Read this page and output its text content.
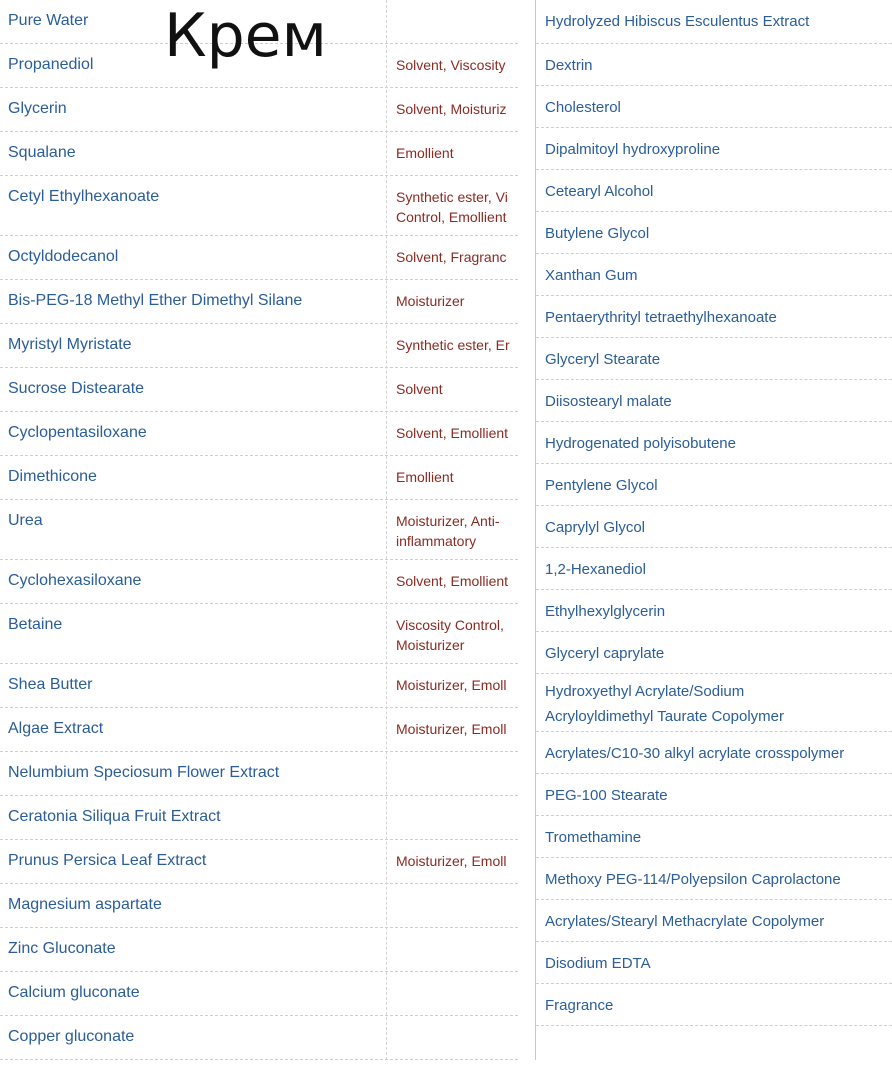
Pure Water
Propanediol	Solvent, Viscosity
Glycerin	Solvent, Moisturiz
Squalane	Emollient
Cetyl Ethylhexanoate	Synthetic ester, Vi Control, Emollient
Octyldodecanol	Solvent, Fragranc
Bis-PEG-18 Methyl Ether Dimethyl Silane	Moisturizer
Myristyl Myristate	Synthetic ester, Er
Sucrose Distearate	Solvent
Cyclopentasiloxane	Solvent, Emollient
Dimethicone	Emollient
Urea	Moisturizer, Anti-inflammatory
Cyclohexasiloxane	Solvent, Emollient
Betaine	Viscosity Control, Moisturizer
Shea Butter	Moisturizer, Emoll
Algae Extract	Moisturizer, Emoll
Nelumbium Speciosum Flower Extract
Ceratonia Siliqua Fruit Extract
Prunus Persica Leaf Extract	Moisturizer, Emoll
Magnesium aspartate
Zinc Gluconate
Calcium gluconate
Copper gluconate
Hydrolyzed Hibiscus Esculentus Extract
Dextrin
Cholesterol
Dipalmitoyl hydroxyproline
Cetearyl Alcohol
Butylene Glycol
Xanthan Gum
Pentaerythrityl tetraethylhexanoate
Glyceryl Stearate
Diisostearyl malate
Hydrogenated polyisobutene
Pentylene Glycol
Caprylyl Glycol
1,2-Hexanediol
Ethylhexylglycerin
Glyceryl caprylate
Hydroxyethyl Acrylate/Sodium Acryloyldimethyl Taurate Copolymer
Acrylates/C10-30 alkyl acrylate crosspolymer
PEG-100 Stearate
Tromethamine
Methoxy PEG-114/Polyepsilon Caprolactone
Acrylates/Stearyl Methacrylate Copolymer
Disodium EDTA
Fragrance
Крем
